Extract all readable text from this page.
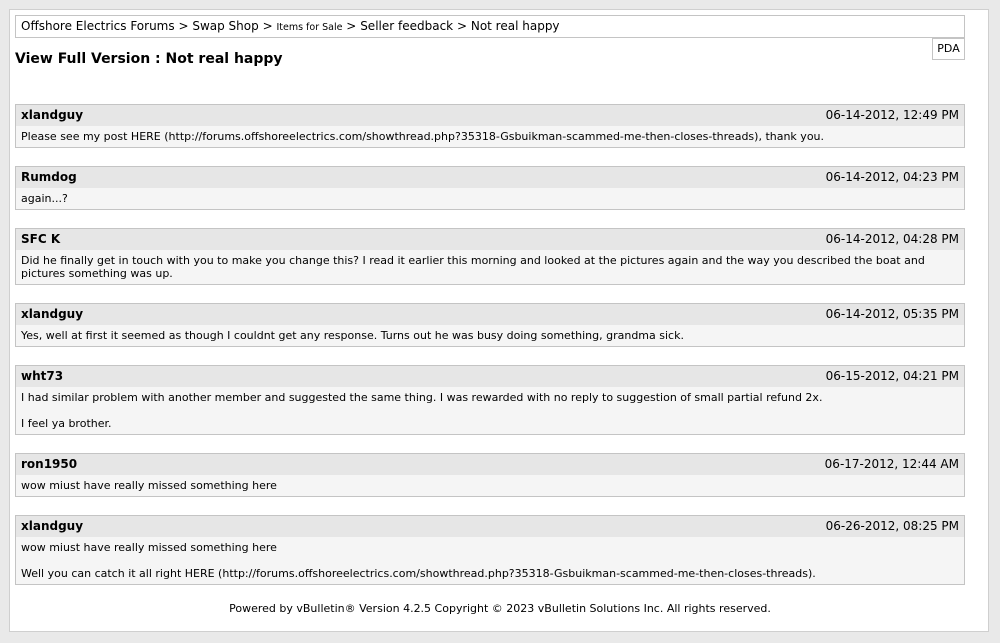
Offshore Electrics Forums > Swap Shop > Items for Sale > Seller feedback > Not real happy
PDA
View Full Version : Not real happy
xlandguy	06-14-2012, 12:49 PM

Please see my post HERE (http://forums.offshoreelectrics.com/showthread.php?35318-Gsbuikman-scammed-me-then-closes-threads), thank you.

Rumdog	06-14-2012, 04:23 PM

again...?

SFC K	06-14-2012, 04:28 PM

Did he finally get in touch with you to make you change this? I read it earlier this morning and looked at the pictures again and the way you described the boat and pictures something was up.

xlandguy	06-14-2012, 05:35 PM

Yes, well at first it seemed as though I couldnt get any response. Turns out he was busy doing something, grandma sick.

wht73	06-15-2012, 04:21 PM

I had similar problem with another member and suggested the same thing. I was rewarded with no reply to suggestion of small partial refund 2x.

I feel ya brother.

ron1950	06-17-2012, 12:44 AM

wow miust have really missed something here

xlandguy	06-26-2012, 08:25 PM

wow miust have really missed something here

Well you can catch it all right HERE (http://forums.offshoreelectrics.com/showthread.php?35318-Gsbuikman-scammed-me-then-closes-threads).

Powered by vBulletin® Version 4.2.5 Copyright © 2023 vBulletin Solutions Inc. All rights reserved.
